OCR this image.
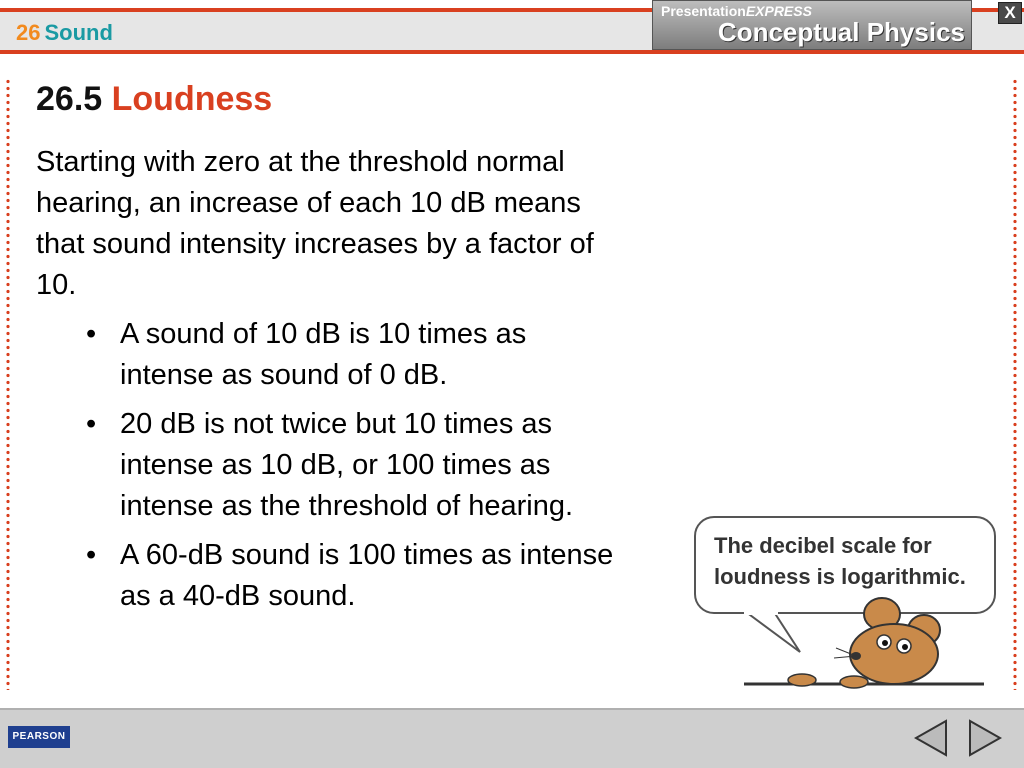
26 Sound
PresentationEXPRESS
Conceptual Physics
X
26.5 Loudness
Starting with zero at the threshold normal hearing, an increase of each 10 dB means that sound intensity increases by a factor of 10.
• A sound of 10 dB is 10 times as intense as sound of 0 dB.
• 20 dB is not twice but 10 times as intense as 10 dB, or 100 times as intense as the threshold of hearing.
• A 60-dB sound is 100 times as intense as a 40-dB sound.
The decibel scale for loudness is logarithmic.
PEARSON
